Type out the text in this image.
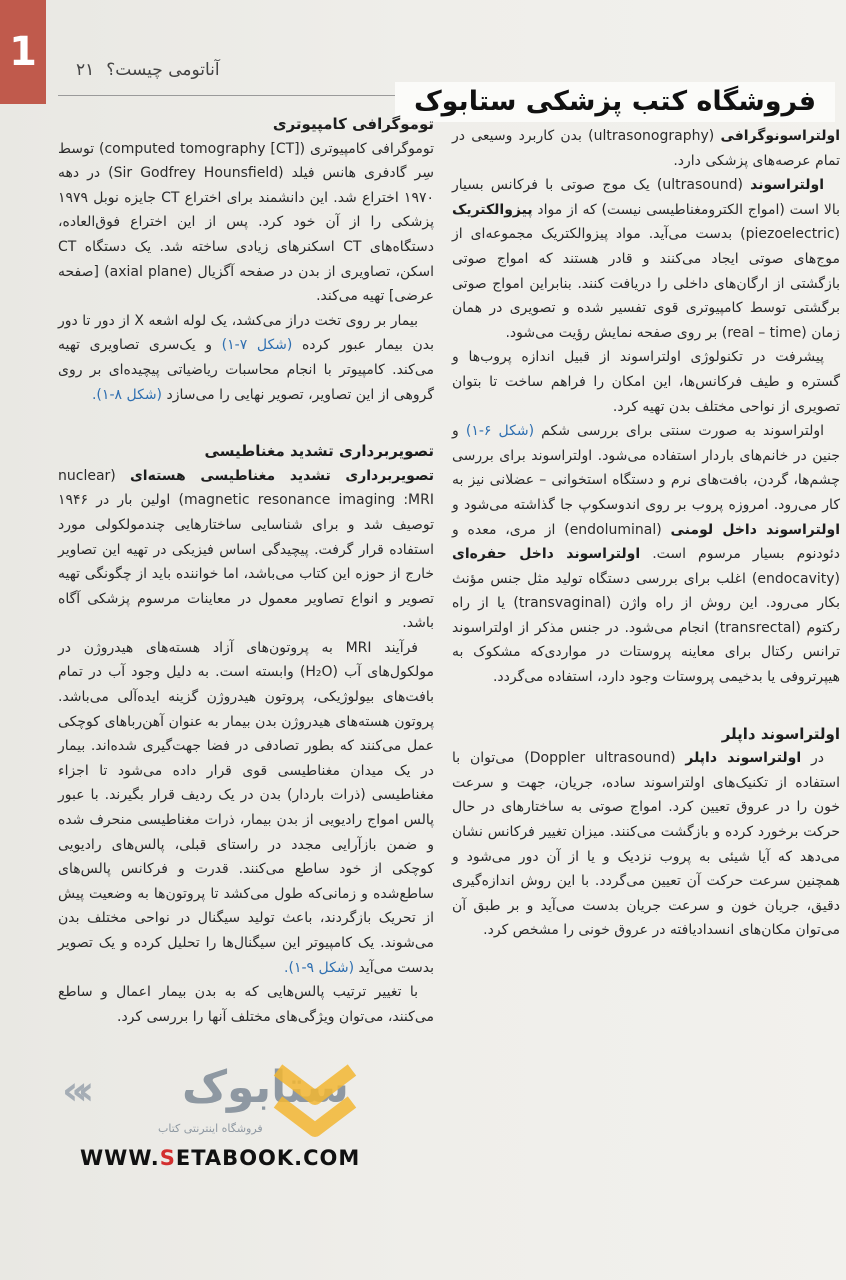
1	۲۱ آناتومی چیست؟
فروشگاه کتب پزشکی ستابوک
توموگرافی کامپیوتری

توموگرافی کامپیوتری ([computed tomography [CT) توسط سِر گادفری هانس فیلد (Sir Godfrey Hounsfield) در دهه ۱۹۷۰ اختراع شد. این دانشمند برای اختراع CT جایزه نوبل ۱۹۷۹ پزشکی را از آن خود کرد. پس از این اختراع فوق‌العاده، دستگاه‌های CT اسکنرهای زیادی ساخته شد. یک دستگاه CT اسکن، تصاویری از بدن در صفحه آگزیال (axial plane) [صفحه عرضی] تهیه می‌کند.

بیمار بر روی تخت دراز می‌کشد، یک لوله اشعه X از دور تا دور بدن بیمار عبور کرده (شکل ۷-۱) و یک‌سری تصاویری تهیه می‌کند. کامپیوتر با انجام محاسبات ریاضیاتی پیچیده‌ای بر روی گروهی از این تصاویر، تصویر نهایی را می‌سازد (شکل ۸-۱).

تصویربرداری تشدید مغناطیسی

تصویربرداری تشدید مغناطیسی هسته‌ای (nuclear magnetic resonance imaging :MRI) اولین بار در ۱۹۴۶ توصیف شد و برای شناسایی ساختارهایی چندمولکولی مورد استفاده قرار گرفت. پیچیدگی اساس فیزیکی در تهیه این تصاویر خارج از حوزه این کتاب می‌باشد، اما خواننده باید از چگونگی تهیه تصویر و انواع تصاویر معمول در معاینات مرسوم پزشکی آگاه باشد.

فرآیند MRI به پروتون‌های آزاد هسته‌های هیدروژن در مولکول‌های آب (H₂O) وابسته است. به دلیل وجود آب در تمام بافت‌های بیولوژیکی، پروتون هیدروژن گزینه ایده‌آلی می‌باشد. پروتون هسته‌های هیدروژن بدن بیمار به عنوان آهن‌رباهای کوچکی عمل می‌کنند که بطور تصادفی در فضا جهت‌گیری شده‌اند. بیمار در یک میدان مغناطیسی قوی قرار داده می‌شود تا اجزاء مغناطیسی (ذرات باردار) بدن در یک ردیف قرار بگیرند. با عبور پالس امواج رادیویی از بدن بیمار، ذرات مغناطیسی منحرف شده و ضمن بازآرایی مجدد در راستای قبلی، پالس‌های رادیویی کوچکی از خود ساطع می‌کنند. قدرت و فرکانس پالس‌های ساطع‌شده و زمانی‌که طول می‌کشد تا پروتون‌ها به وضعیت پیش از تحریک بازگردند، باعث تولید سیگنال در نواحی مختلف بدن می‌شوند. یک کامپیوتر این سیگنال‌ها را تحلیل کرده و یک تصویر بدست می‌آید (شکل ۹-۱).

با تغییر ترتیب پالس‌هایی که به بدن بیمار اعمال و ساطع می‌کنند، می‌توان ویژگی‌های مختلف آنها را بررسی کرد.

اولتراسونوگرافی (ultrasonography) بدن کاربرد وسیعی در تمام عرصه‌های پزشکی دارد.

اولتراسوند (ultrasound) یک موج صوتی با فرکانس بسیار بالا است (امواج الکترومغناطیسی نیست) که از مواد پیزوالکتریک (piezoelectric) بدست می‌آید. مواد پیزوالکتریک مجموعه‌ای از موج‌های صوتی ایجاد می‌کنند و قادر هستند که امواج صوتی بازگشتی از ارگان‌های داخلی را دریافت کنند. بنابراین امواج صوتی برگشتی توسط کامپیوتری قوی تفسیر شده و تصویری در همان زمان (real – time) بر روی صفحه نمایش رؤیت می‌شود.

پیشرفت در تکنولوژی اولتراسوند از قبیل اندازه پروب‌ها و گستره و طیف فرکانس‌ها، این امکان را فراهم ساخت تا بتوان تصویری از نواحی مختلف بدن تهیه کرد.

اولتراسوند به صورت سنتی برای بررسی شکم (شکل ۶-۱) و جنین در خانم‌های باردار استفاده می‌شود. اولتراسوند برای بررسی چشم‌ها، گردن، بافت‌های نرم و دستگاه استخوانی – عضلانی نیز به کار می‌رود. امروزه پروب بر روی اندوسکوپ جا گذاشته می‌شود و اولتراسوند داخل لومنی (endoluminal) از مری، معده و دئودنوم بسیار مرسوم است. اولتراسوند داخل حفره‌ای (endocavity) اغلب برای بررسی دستگاه تولید مثل جنس مؤنث بکار می‌رود. این روش از راه واژن (transvaginal) یا از راه رکتوم (transrectal) انجام می‌شود. در جنس مذکر از اولتراسوند ترانس رکتال برای معاینه پروستات در مواردی‌که مشکوک به هیپرتروفی یا بدخیمی پروستات وجود دارد، استفاده می‌گردد.

اولتراسوند داپلر

در اولتراسوند داپلر (Doppler ultrasound) می‌توان با استفاده از تکنیک‌های اولتراسوند ساده، جریان، جهت و سرعت خون را در عروق تعیین کرد. امواج صوتی به ساختارهای در حال حرکت برخورد کرده و بازگشت می‌کنند. میزان تغییر فرکانس نشان می‌دهد که آیا شیئی به پروب نزدیک و یا از آن دور می‌شود و همچنین سرعت حرکت آن تعیین می‌گردد. با این روش اندازه‌گیری دقیق، جریان خون و سرعت جریان بدست می‌آید و بر طبق آن می‌توان مکان‌های انسدادیافته در عروق خونی را مشخص کرد.

«‹ ستابوک
فروشگاه اینترنتی کتاب
WWW.SETABOOK.COM
